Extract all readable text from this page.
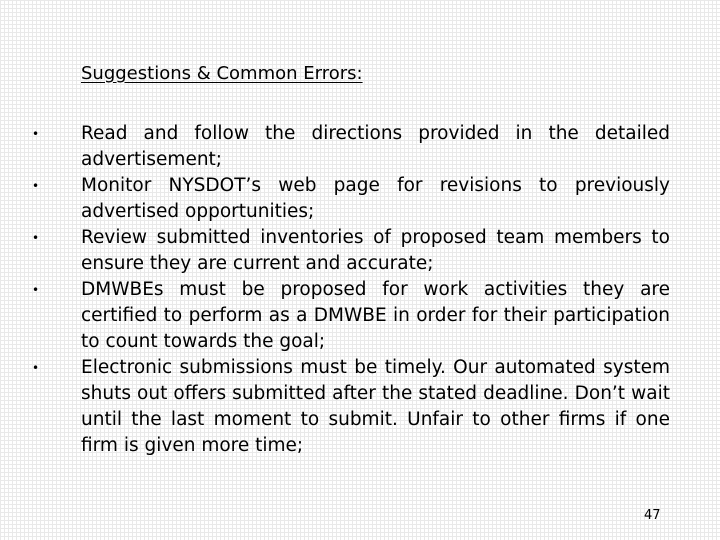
Suggestions & Common Errors:
•	Read and follow the directions provided in the detailed advertisement;
•	Monitor NYSDOT’s web page for revisions to previously advertised opportunities;
•	Review submitted inventories of proposed team members to ensure they are current and accurate;
•	DMWBEs must be proposed for work activities they are certified to perform as a DMWBE in order for their participation to count towards the goal;
•	Electronic submissions must be timely. Our automated system shuts out offers submitted after the stated deadline. Don’t wait until the last moment to submit. Unfair to other firms if one firm is given more time;
47
